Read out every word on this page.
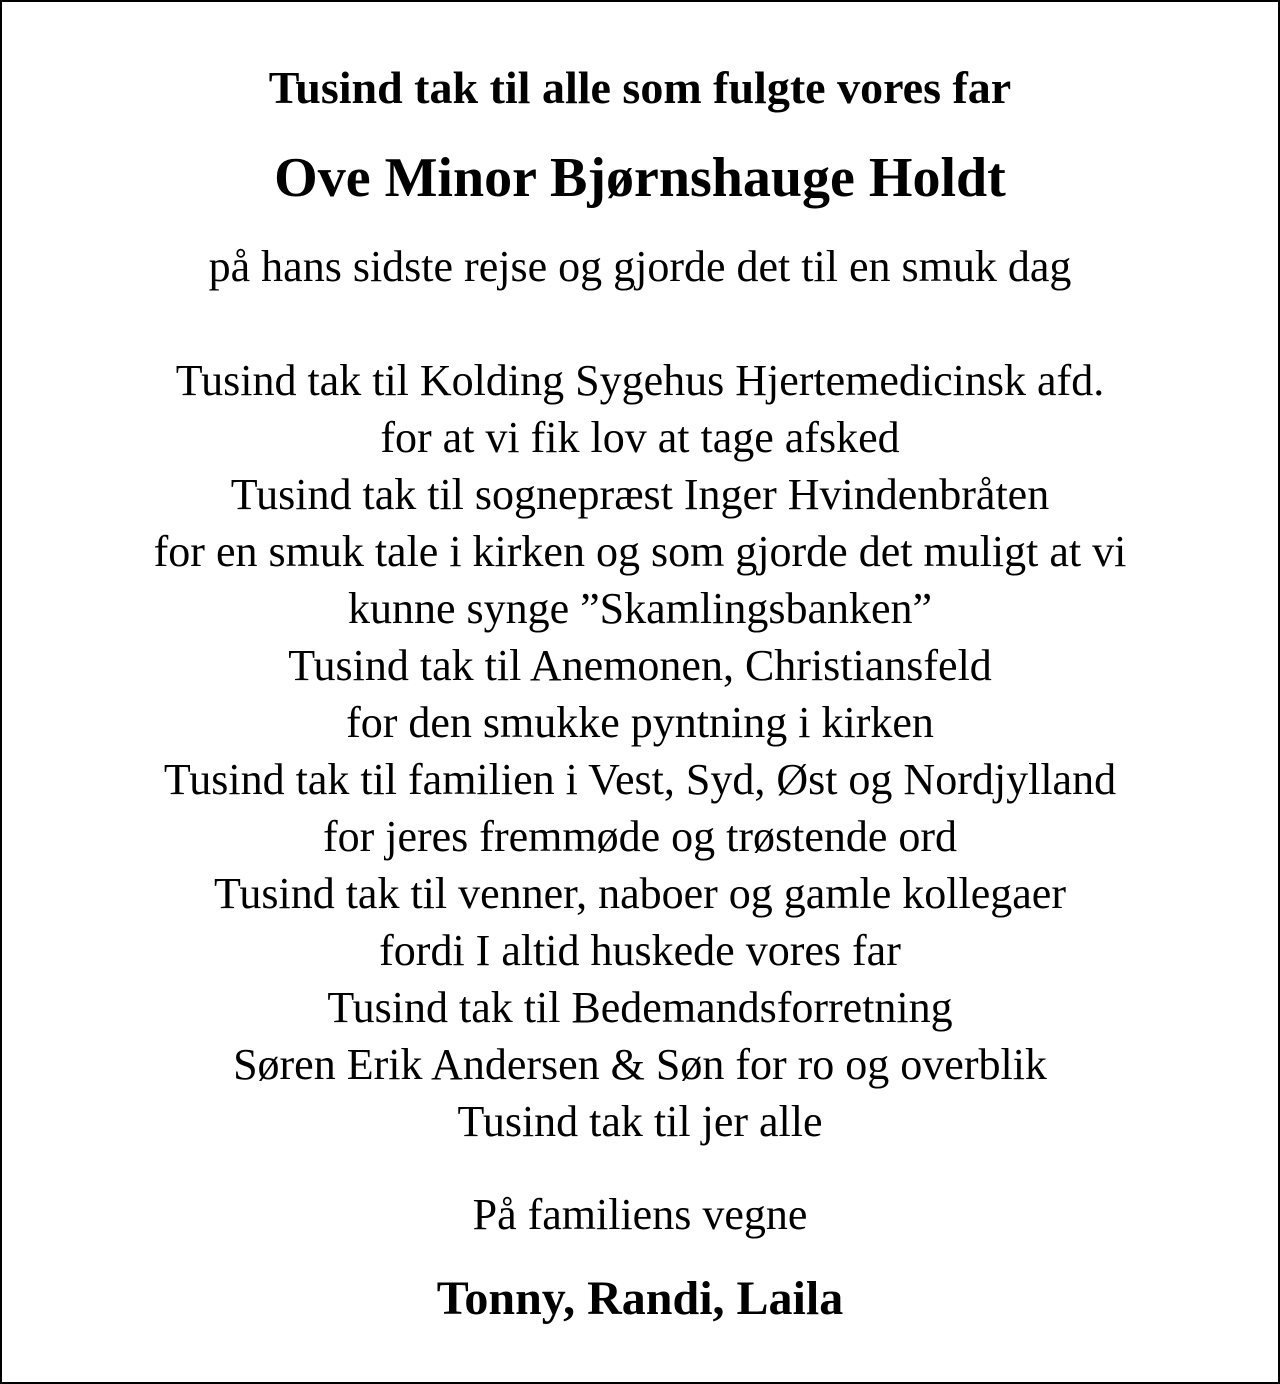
Tusind tak til alle som fulgte vores far
Ove Minor Bjørnshauge Holdt
på hans sidste rejse og gjorde det til en smuk dag
Tusind tak til Kolding Sygehus Hjertemedicinsk afd.
for at vi fik lov at tage afsked
Tusind tak til sognepræst Inger Hvindenbråten
for en smuk tale i kirken og som gjorde det muligt at vi
kunne synge ”Skamlingsbanken”
Tusind tak til Anemonen, Christiansfeld
for den smukke pyntning i kirken
Tusind tak til familien i Vest, Syd, Øst og Nordjylland
for jeres fremmøde og trøstende ord
Tusind tak til venner, naboer og gamle kollegaer
fordi I altid huskede vores far
Tusind tak til Bedemandsforretning
Søren Erik Andersen & Søn for ro og overblik
Tusind tak til jer alle
På familiens vegne
Tonny, Randi, Laila
